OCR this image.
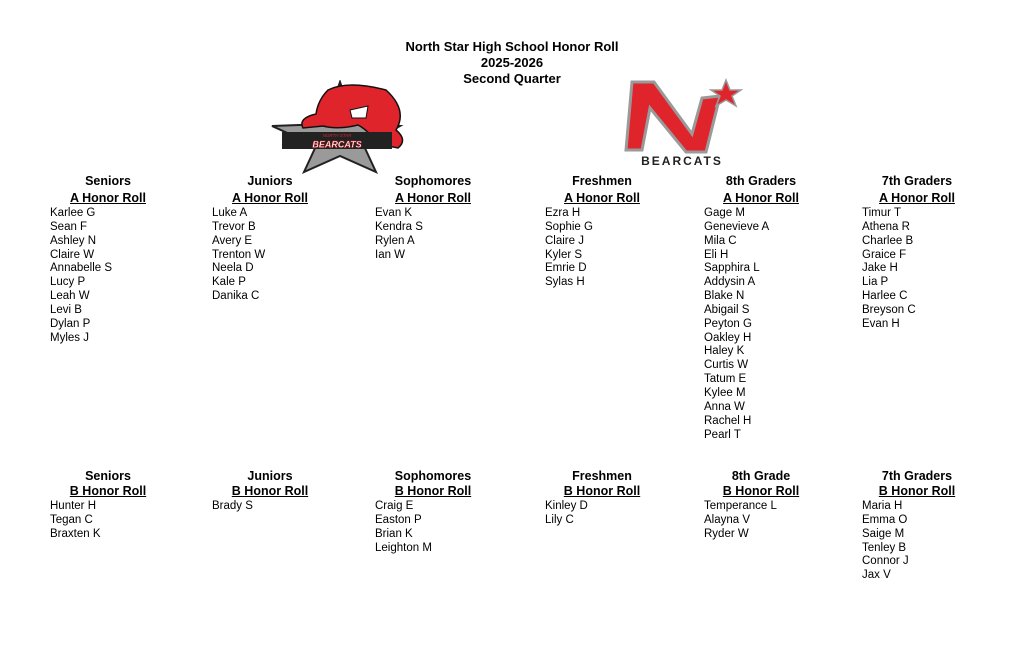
North Star High School Honor Roll
2025-2026
Second Quarter
NORTH STAR
BEARCATS
BEARCATS
Seniors
A Honor Roll
Karlee G
Sean F
Ashley N
Claire W
Annabelle S
Lucy P
Leah W
Levi B
Dylan P
Myles J
Juniors
A Honor Roll
Luke A
Trevor B
Avery E
Trenton W
Neela D
Kale P
Danika C
Sophomores
A Honor Roll
Evan K
Kendra S
Rylen A
Ian W
Freshmen
A Honor Roll
Ezra H
Sophie G
Claire J
Kyler S
Emrie D
Sylas H
8th Graders
A Honor Roll
Gage M
Genevieve A
Mila C
Eli H
Sapphira L
Addysin A
Blake N
Abigail S
Peyton G
Oakley H
Haley K
Curtis W
Tatum E
Kylee M
Anna W
Rachel H
Pearl T
7th Graders
A Honor Roll
Timur T
Athena R
Charlee B
Graice F
Jake H
Lia P
Harlee C
Breyson C
Evan H
Seniors
B Honor Roll
Hunter H
Tegan C
Braxten K
Juniors
B Honor Roll
Brady S
Sophomores
B Honor Roll
Craig E
Easton P
Brian K
Leighton M
Freshmen
B Honor Roll
Kinley D
Lily C
8th Grade
B Honor Roll
Temperance L
Alayna V
Ryder W
7th Graders
B Honor Roll
Maria H
Emma O
Saige M
Tenley B
Connor J
Jax V
